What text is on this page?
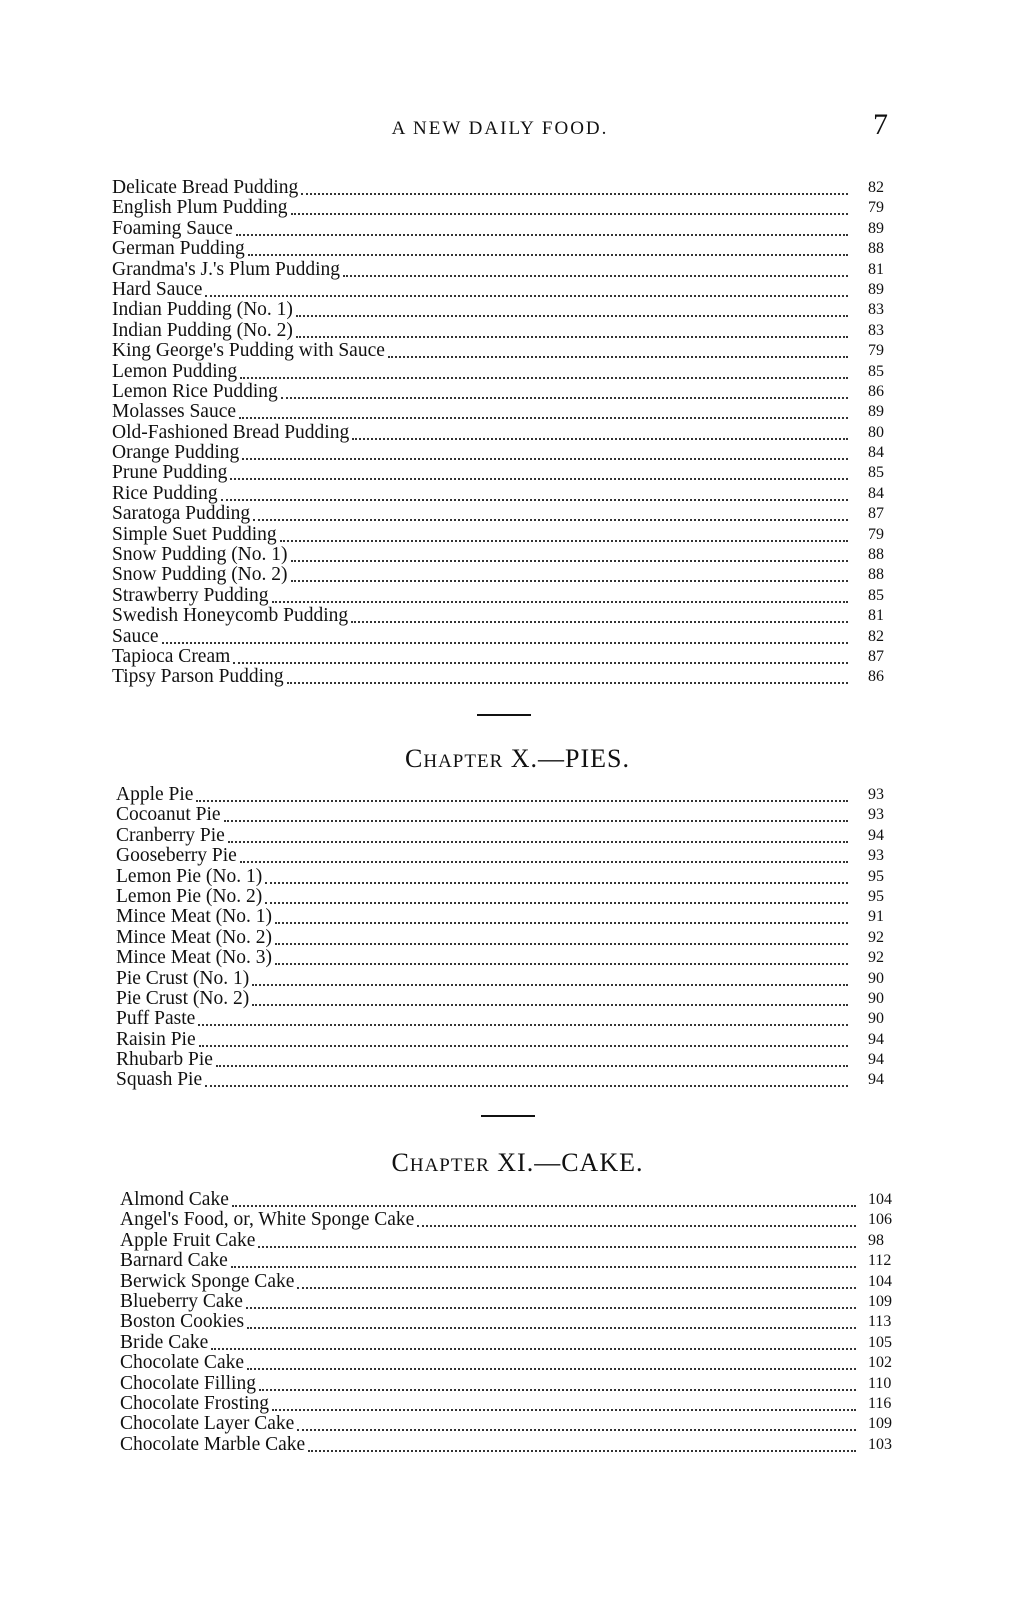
A NEW DAILY FOOD.	7
Delicate Bread Pudding	82
English Plum Pudding	79
Foaming Sauce	89
German Pudding	88
Grandma's J.'s Plum Pudding	81
Hard Sauce	89
Indian Pudding (No. 1)	83
Indian Pudding (No. 2)	83
King George's Pudding with Sauce	79
Lemon Pudding	85
Lemon Rice Pudding	86
Molasses Sauce	89
Old-Fashioned Bread Pudding	80
Orange Pudding	84
Prune Pudding	85
Rice Pudding	84
Saratoga Pudding	87
Simple Suet Pudding	79
Snow Pudding (No. 1)	88
Snow Pudding (No. 2)	88
Strawberry Pudding	85
Swedish Honeycomb Pudding	81
Sauce	82
Tapioca Cream	87
Tipsy Parson Pudding	86
CHAPTER X.—PIES.
Apple Pie	93
Cocoanut Pie	93
Cranberry Pie	94
Gooseberry Pie	93
Lemon Pie (No. 1)	95
Lemon Pie (No. 2)	95
Mince Meat (No. 1)	91
Mince Meat (No. 2)	92
Mince Meat (No. 3)	92
Pie Crust (No. 1)	90
Pie Crust (No. 2)	90
Puff Paste	90
Raisin Pie	94
Rhubarb Pie	94
Squash Pie	94
CHAPTER XI.—CAKE.
Almond Cake	104
Angel's Food, or, White Sponge Cake	106
Apple Fruit Cake	98
Barnard Cake	112
Berwick Sponge Cake	104
Blueberry Cake	109
Boston Cookies	113
Bride Cake	105
Chocolate Cake	102
Chocolate Filling	110
Chocolate Frosting	116
Chocolate Layer Cake	109
Chocolate Marble Cake	103
